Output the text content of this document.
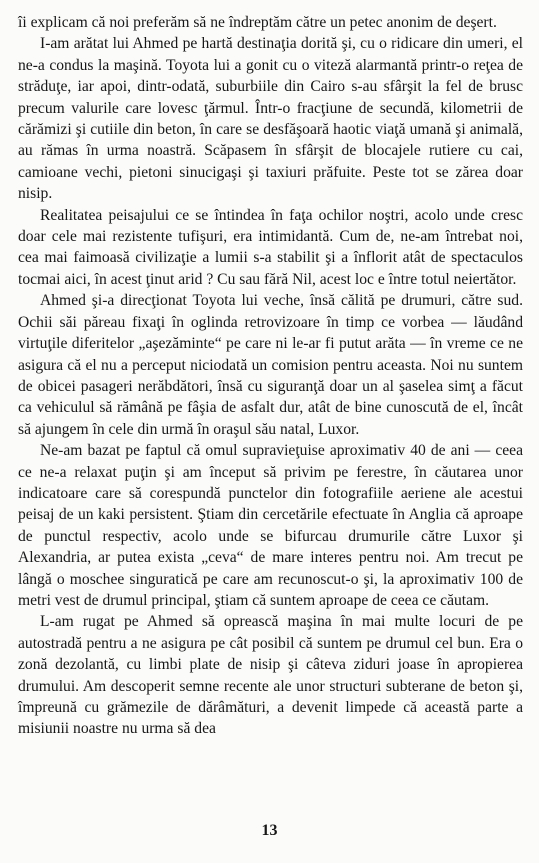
îi explicam că noi preferăm să ne îndreptăm către un petec anonim de deşert.

I-am arătat lui Ahmed pe hartă destinaţia dorită şi, cu o ridicare din umeri, el ne-a condus la maşină. Toyota lui a gonit cu o viteză alarmantă printr-o reţea de străduţe, iar apoi, dintr-odată, suburbiile din Cairo s-au sfârşit la fel de brusc precum valurile care lovesc ţărmul. Într-o fracţiune de secundă, kilometrii de cărămizi şi cutiile din beton, în care se desfăşoară haotic viaţă umană şi animală, au rămas în urma noastră. Scăpasem în sfârşit de blocajele rutiere cu cai, camioane vechi, pietoni sinucigaşi şi taxiuri prăfuite. Peste tot se zărea doar nisip.

Realitatea peisajului ce se întindea în faţa ochilor noştri, acolo unde cresc doar cele mai rezistente tufişuri, era intimidantă. Cum de, ne-am întrebat noi, cea mai faimoasă civilizaţie a lumii s-a stabilit şi a înflorit atât de spectaculos tocmai aici, în acest ţinut arid ? Cu sau fără Nil, acest loc e între totul neiertător.

Ahmed şi-a direcţionat Toyota lui veche, însă călită pe drumuri, către sud. Ochii săi păreau fixaţi în oglinda retrovizoare în timp ce vorbea — lăudând virtuţile diferitelor „aşezăminte“ pe care ni le-ar fi putut arăta — în vreme ce ne asigura că el nu a perceput niciodată un comision pentru aceasta. Noi nu suntem de obicei pasageri nerăbdători, însă cu siguranţă doar un al şaselea simţ a făcut ca vehiculul să rămână pe fâşia de asfalt dur, atât de bine cunoscută de el, încât să ajungem în cele din urmă în oraşul său natal, Luxor.

Ne-am bazat pe faptul că omul supravieţuise aproximativ 40 de ani — ceea ce ne-a relaxat puţin şi am început să privim pe ferestre, în căutarea unor indicatoare care să corespundă punctelor din fotografiile aeriene ale acestui peisaj de un kaki persistent. Ştiam din cercetările efectuate în Anglia că aproape de punctul respectiv, acolo unde se bifurcau drumurile către Luxor şi Alexandria, ar putea exista „ceva“ de mare interes pentru noi. Am trecut pe lângă o moschee singuratică pe care am recunoscut-o şi, la aproximativ 100 de metri vest de drumul principal, ştiam că suntem aproape de ceea ce căutam.

L-am rugat pe Ahmed să oprească maşina în mai multe locuri de pe autostradă pentru a ne asigura pe cât posibil că suntem pe drumul cel bun. Era o zonă dezolantă, cu limbi plate de nisip şi câteva ziduri joase în apropierea drumului. Am descoperit semne recente ale unor structuri subterane de beton şi, împreună cu grămezile de dărâmături, a devenit limpede că această parte a misiunii noastre nu urma să dea

13
